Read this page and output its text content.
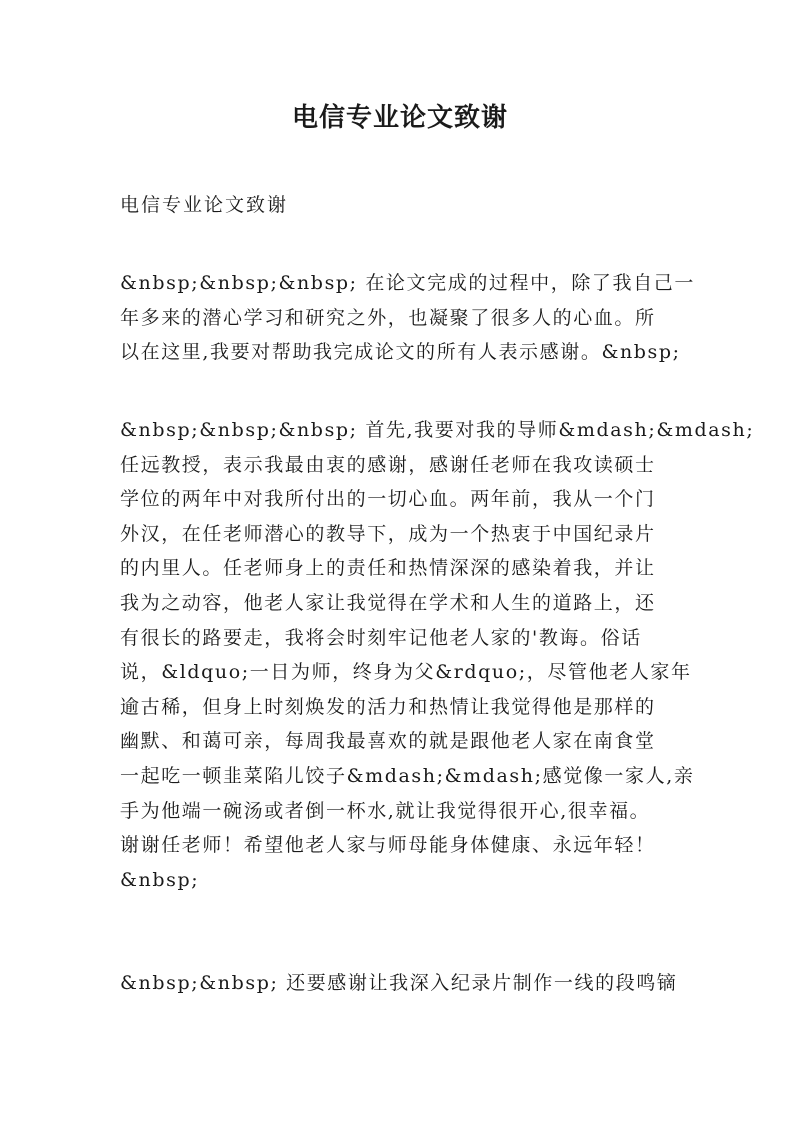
电信专业论文致谢
电信专业论文致谢
&nbsp;&nbsp;&nbsp; 在论文完成的过程中，除了我自己一
年多来的潜心学习和研究之外，也凝聚了很多人的心血。所
以在这里,我要对帮助我完成论文的所有人表示感谢。&nbsp;
&nbsp;&nbsp;&nbsp; 首先,我要对我的导师&mdash;&mdash;
任远教授，表示我最由衷的感谢，感谢任老师在我攻读硕士
学位的两年中对我所付出的一切心血。两年前，我从一个门
外汉，在任老师潜心的教导下，成为一个热衷于中国纪录片
的内里人。任老师身上的责任和热情深深的感染着我，并让
我为之动容，他老人家让我觉得在学术和人生的道路上，还
有很长的路要走，我将会时刻牢记他老人家的'教诲。俗话
说，&ldquo;一日为师，终身为父&rdquo;，尽管他老人家年
逾古稀，但身上时刻焕发的活力和热情让我觉得他是那样的
幽默、和蔼可亲，每周我最喜欢的就是跟他老人家在南食堂
一起吃一顿韭菜陷儿饺子&mdash;&mdash;感觉像一家人,亲
手为他端一碗汤或者倒一杯水,就让我觉得很开心,很幸福。
谢谢任老师！希望他老人家与师母能身体健康、永远年轻！
&nbsp;
&nbsp;&nbsp; 还要感谢让我深入纪录片制作一线的段鸣镝
